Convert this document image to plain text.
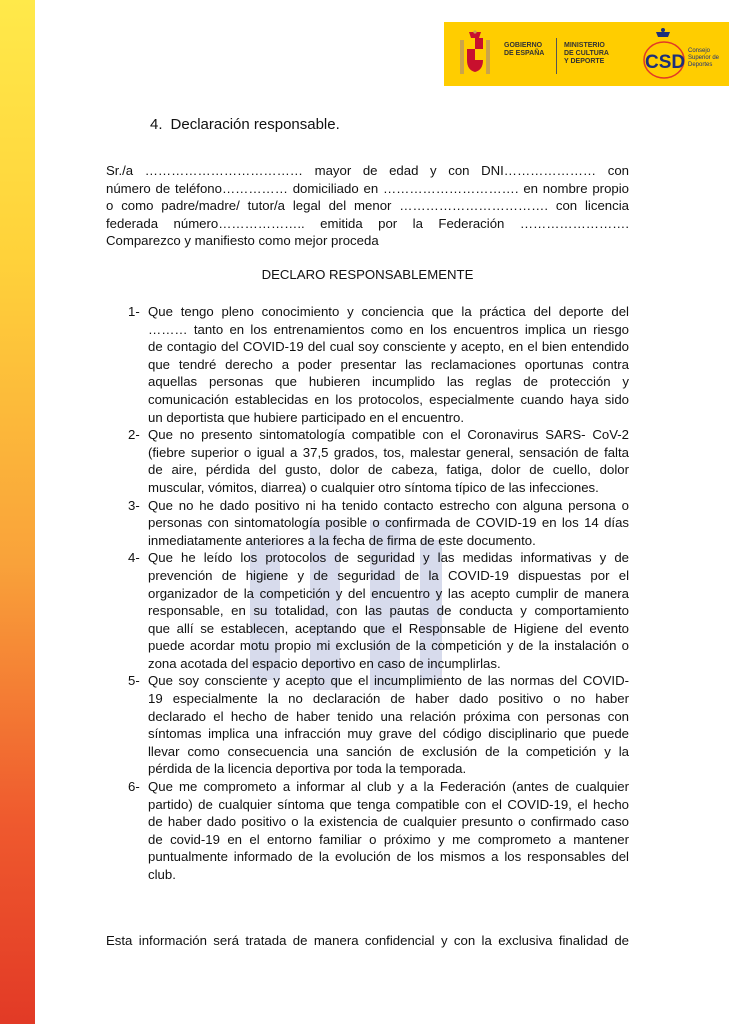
GOBIERNO
DE ESPAÑA
MINISTERIO
DE CULTURA
Y DEPORTE	CSD
Consejo
Superior de
Deportes
4. Declaración responsable.
Sr./a ……………………………… mayor de edad y con DNI………………… con
número de teléfono…………… domiciliado en …………………………. en nombre propio
o como padre/madre/ tutor/a legal del menor ……………………………. con licencia
federada número……………….. emitida por la Federación …………………….
Comparezco y manifiesto como mejor proceda
DECLARO RESPONSABLEMENTE
1- Que tengo pleno conocimiento y conciencia que la práctica del deporte del
……… tanto en los entrenamientos como en los encuentros implica un riesgo
de contagio del COVID-19 del cual soy consciente y acepto, en el bien entendido
que tendré derecho a poder presentar las reclamaciones oportunas contra
aquellas personas que hubieren incumplido las reglas de protección y
comunicación establecidas en los protocolos, especialmente cuando haya sido
un deportista que hubiere participado en el encuentro.
2- Que no presento sintomatología compatible con el Coronavirus SARS- CoV-2
(fiebre superior o igual a 37,5 grados, tos, malestar general, sensación de falta
de aire, pérdida del gusto, dolor de cabeza, fatiga, dolor de cuello, dolor
muscular, vómitos, diarrea) o cualquier otro síntoma típico de las infecciones.
3- Que no he dado positivo ni ha tenido contacto estrecho con alguna persona o
personas con sintomatología posible o confirmada de COVID-19 en los 14 días
inmediatamente anteriores a la fecha de firma de este documento.
4- Que he leído los protocolos de seguridad y las medidas informativas y de
prevención de higiene y de seguridad de la COVID-19 dispuestas por el
organizador de la competición y del encuentro y las acepto cumplir de manera
responsable, en su totalidad, con las pautas de conducta y comportamiento
que allí se establecen, aceptando que el Responsable de Higiene del evento
puede acordar motu propio mi exclusión de la competición y de la instalación o
zona acotada del espacio deportivo en caso de incumplirlas.
5- Que soy consciente y acepto que el incumplimiento de las normas del COVID-
19 especialmente la no declaración de haber dado positivo o no haber
declarado el hecho de haber tenido una relación próxima con personas con
síntomas implica una infracción muy grave del código disciplinario que puede
llevar como consecuencia una sanción de exclusión de la competición y la
pérdida de la licencia deportiva por toda la temporada.
6- Que me comprometo a informar al club y a la Federación (antes de cualquier
partido) de cualquier síntoma que tenga compatible con el COVID-19, el hecho
de haber dado positivo o la existencia de cualquier presunto o confirmado caso
de covid-19 en el entorno familiar o próximo y me comprometo a mantener
puntualmente informado de la evolución de los mismos a los responsables del
club.
Esta información será tratada de manera confidencial y con la exclusiva finalidad de
